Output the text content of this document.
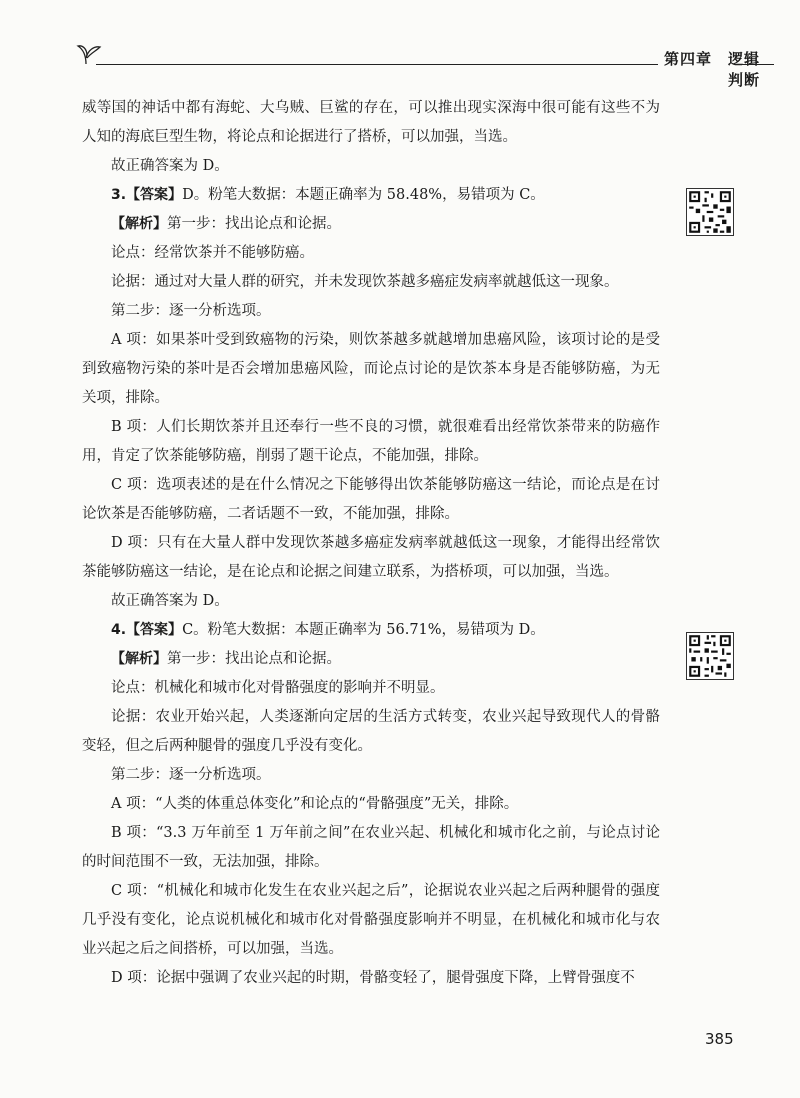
第四章 逻辑判断

威等国的神话中都有海蛇、大乌贼、巨鲨的存在，可以推出现实深海中很可能有这些不为人知的海底巨型生物，将论点和论据进行了搭桥，可以加强，当选。

故正确答案为 D。

3.【答案】D。粉笔大数据：本题正确率为 58.48%，易错项为 C。

【解析】第一步：找出论点和论据。

论点：经常饮茶并不能够防癌。

论据：通过对大量人群的研究，并未发现饮茶越多癌症发病率就越低这一现象。

第二步：逐一分析选项。

A 项：如果茶叶受到致癌物的污染，则饮茶越多就越增加患癌风险，该项讨论的是受到致癌物污染的茶叶是否会增加患癌风险，而论点讨论的是饮茶本身是否能够防癌，为无关项，排除。

B 项：人们长期饮茶并且还奉行一些不良的习惯，就很难看出经常饮茶带来的防癌作用，肯定了饮茶能够防癌，削弱了题干论点，不能加强，排除。

C 项：选项表述的是在什么情况之下能够得出饮茶能够防癌这一结论，而论点是在讨论饮茶是否能够防癌，二者话题不一致，不能加强，排除。

D 项：只有在大量人群中发现饮茶越多癌症发病率就越低这一现象，才能得出经常饮茶能够防癌这一结论，是在论点和论据之间建立联系，为搭桥项，可以加强，当选。

故正确答案为 D。

4.【答案】C。粉笔大数据：本题正确率为 56.71%，易错项为 D。

【解析】第一步：找出论点和论据。

论点：机械化和城市化对骨骼强度的影响并不明显。

论据：农业开始兴起，人类逐渐向定居的生活方式转变，农业兴起导致现代人的骨骼变轻，但之后两种腿骨的强度几乎没有变化。

第二步：逐一分析选项。

A 项：“人类的体重总体变化”和论点的“骨骼强度”无关，排除。

B 项：“3.3 万年前至 1 万年前之间”在农业兴起、机械化和城市化之前，与论点讨论的时间范围不一致，无法加强，排除。

C 项：“机械化和城市化发生在农业兴起之后”，论据说农业兴起之后两种腿骨的强度几乎没有变化，论点说机械化和城市化对骨骼强度影响并不明显，在机械化和城市化与农业兴起之后之间搭桥，可以加强，当选。

D 项：论据中强调了农业兴起的时期，骨骼变轻了，腿骨强度下降，上臂骨强度不

385
